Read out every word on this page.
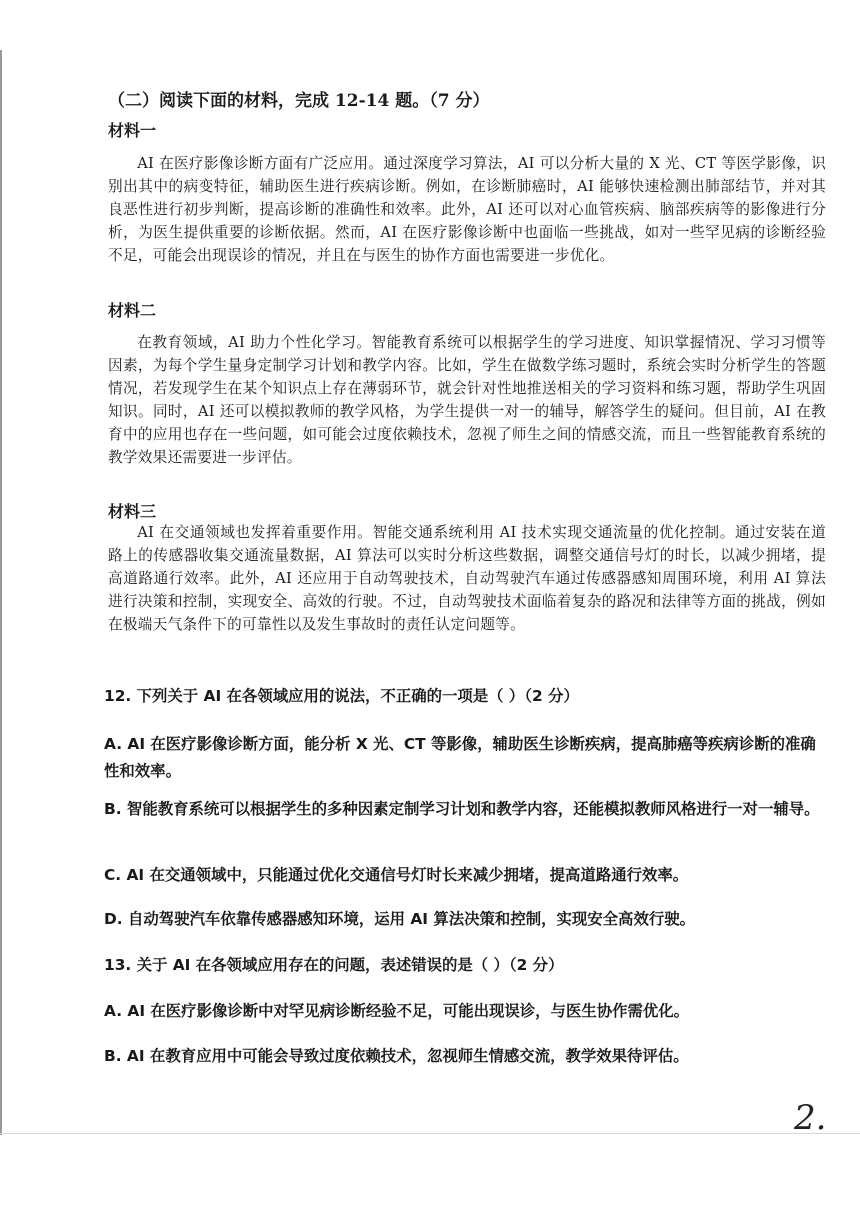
（二）阅读下面的材料，完成 12-14 题。（7 分）
材料一
AI 在医疗影像诊断方面有广泛应用。通过深度学习算法，AI 可以分析大量的 X 光、CT 等医学影像，识别出其中的病变特征，辅助医生进行疾病诊断。例如，在诊断肺癌时，AI 能够快速检测出肺部结节，并对其良恶性进行初步判断，提高诊断的准确性和效率。此外，AI 还可以对心血管疾病、脑部疾病等的影像进行分析，为医生提供重要的诊断依据。然而，AI 在医疗影像诊断中也面临一些挑战，如对一些罕见病的诊断经验不足，可能会出现误诊的情况，并且在与医生的协作方面也需要进一步优化。
材料二
在教育领域，AI 助力个性化学习。智能教育系统可以根据学生的学习进度、知识掌握情况、学习习惯等因素，为每个学生量身定制学习计划和教学内容。比如，学生在做数学练习题时，系统会实时分析学生的答题情况，若发现学生在某个知识点上存在薄弱环节，就会针对性地推送相关的学习资料和练习题，帮助学生巩固知识。同时，AI 还可以模拟教师的教学风格，为学生提供一对一的辅导，解答学生的疑问。但目前，AI 在教育中的应用也存在一些问题，如可能会过度依赖技术，忽视了师生之间的情感交流，而且一些智能教育系统的教学效果还需要进一步评估。
材料三
AI 在交通领域也发挥着重要作用。智能交通系统利用 AI 技术实现交通流量的优化控制。通过安装在道路上的传感器收集交通流量数据，AI 算法可以实时分析这些数据，调整交通信号灯的时长，以减少拥堵，提高道路通行效率。此外，AI 还应用于自动驾驶技术，自动驾驶汽车通过传感器感知周围环境，利用 AI 算法进行决策和控制，实现安全、高效的行驶。不过，自动驾驶技术面临着复杂的路况和法律等方面的挑战，例如在极端天气条件下的可靠性以及发生事故时的责任认定问题等。
12. 下列关于 AI 在各领域应用的说法，不正确的一项是（ ）（2 分）
A. AI 在医疗影像诊断方面，能分析 X 光、CT 等影像，辅助医生诊断疾病，提高肺癌等疾病诊断的准确性和效率。
B. 智能教育系统可以根据学生的多种因素定制学习计划和教学内容，还能模拟教师风格进行一对一辅导。
C. AI 在交通领域中，只能通过优化交通信号灯时长来减少拥堵，提高道路通行效率。
D. 自动驾驶汽车依靠传感器感知环境，运用 AI 算法决策和控制，实现安全高效行驶。
13. 关于 AI 在各领域应用存在的问题，表述错误的是（ ）（2 分）
A. AI 在医疗影像诊断中对罕见病诊断经验不足，可能出现误诊，与医生协作需优化。
B. AI 在教育应用中可能会导致过度依赖技术，忽视师生情感交流，教学效果待评估。
2.
